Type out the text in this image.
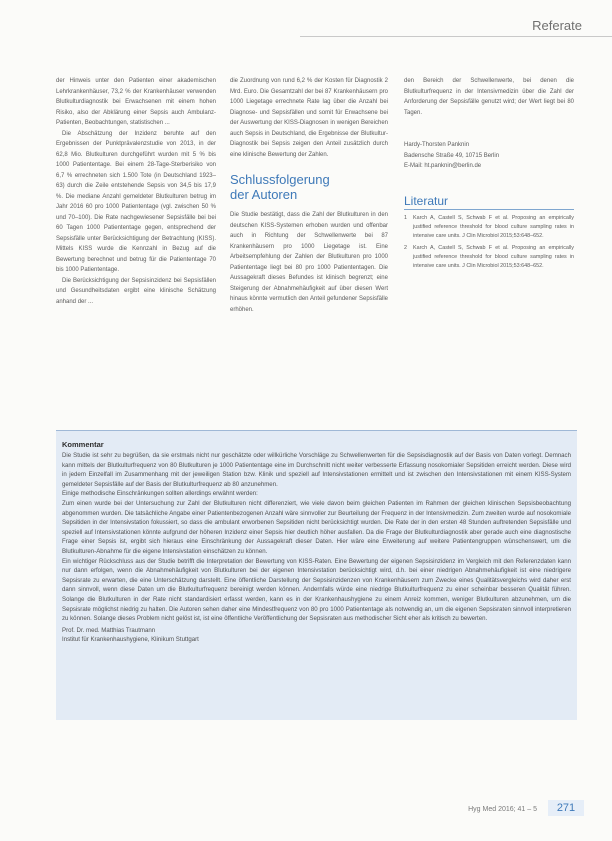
Referate

der Hinweis unter den Patienten einer akademischen Lehrkrankenhäuser, 73,2 % der Krankenhäuser verwenden Blutkulturdiagnostik bei Erwachsenen mit einem hohen Risiko, also der Abklärung einer Sepsis auch Ambulanz-Patienten, Beobachtungen, statistischen ...

Die Abschätzung der Inzidenz beruhte auf den Ergebnissen der Punktprävalenzstudie von 2013, in der 62,8 Mio. Blutkulturen durchgeführt wurden mit 5 % bis 1000 Patiententage. Bei einem 28-Tage-Sterberisiko von 6,7 % errechneten sich 1.500 Tote (in Deutschland 1923–63) durch die Zeile entstehende Sepsis von 34,5 bis 17,9 %. Die mediane Anzahl gemeldeter Blutkulturen betrug im Jahr 2016 60 pro 1000 Patiententage (vgl. zwischen 50 % und 70–100). Die Rate nachgewiesener Sepsisfälle bei bei 60 Tagen 1000 Patiententage gegen, entsprechend der Sepsisfälle unter Berücksichtigung der Betrachtung (KISS). Mittels KISS wurde die Kennzahl in Bezug auf die Bewertung berechnet und betrug für die Patiententage 70 bis 1000 Patiententage.

Die Berücksichtigung der Sepsisinzidenz bei Sepsisfällen und Gesundheitsdaten ergibt eine klinische Schätzung anhand der ...

die Zuordnung von rund 6,2 % der Kosten für Diagnostik 2 Mrd. Euro. Die Gesamtzahl der bei 87 Krankenhäusern pro 1000 Liegetage errechnete Rate lag über die Anzahl bei Diagnose- und Sepsisfällen und somit für Erwachsene bei der Auswertung der KISS-Diagnosen in wenigen Bereichen auch Sepsis in Deutschland, die Ergebnisse der Blutkultur-Diagnostik bei Sepsis zeigen den Anteil zusätzlich durch eine klinische Bewertung der Zahlen.

Schlussfolgerung
der Autoren

Die Studie bestätigt, dass die Zahl der Blutkulturen in den deutschen KISS-Systemen erhoben wurden und offenbar auch in Richtung der Schwellenwerte bei 87 Krankenhäusern pro 1000 Liegetage ist. Eine Arbeitsempfehlung der Zahlen der Blutkulturen pro 1000 Patiententage liegt bei 80 pro 1000 Patiententagen. Die Aussagekraft dieses Befundes ist klinisch begrenzt; eine Steigerung der Abnahmehäufigkeit auf über diesen Wert hinaus könnte vermutlich den Anteil gefundener Sepsisfälle erhöhen.

den Bereich der Schwellenwerte, bei denen die Blutkulturfrequenz in der Intensivmedizin über die Zahl der Anforderung der Sepsisfälle genutzt wird; der Wert liegt bei 80 Tagen.

Hardy-Thorsten Panknin
Badensche Straße 49, 10715 Berlin
E-Mail: ht.panknin@berlin.de
Literatur
1 Karch A, Castell S, Schwab F et al. Proposing an empirically justified reference threshold for blood culture sampling rates in intensive care units. J Clin Microbiol 2015;53:648–652.
2 Karch A, Castell S, Schwab F et al. Proposing an empirically justified reference threshold for blood culture sampling rates in intensive care units. J Clin Microbiol 2015;53:648–652.
Kommentar

Die Studie ist sehr zu begrüßen, da sie erstmals nicht nur geschätzte oder willkürliche Vorschläge zu Schwellenwerten für die Sepsisdiagnostik auf der Basis von Daten vorlegt. Demnach kann mittels der Blutkulturfrequenz von 80 Blutkulturen je 1000 Patiententage eine im Durchschnitt nicht weiter verbesserte Erfassung nosokomialer Sepsitiden erreicht werden. Diese wird in jedem Einzelfall im Zusammenhang mit der jeweiligen Station bzw. Klinik und speziell auf Intensivstationen ermittelt und ist zwischen den Intensivstationen mit einem KISS-System gemeldeter Sepsisfälle auf der Basis der Blutkulturfrequenz ab 80 anzunehmen.

Einige methodische Einschränkungen sollten allerdings erwähnt werden:

Zum einen wurde bei der Untersuchung zur Zahl der Blutkulturen nicht differenziert, wie viele davon beim gleichen Patienten im Rahmen der gleichen klinischen Sepsisbeobachtung abgenommen wurden. Die tatsächliche Angabe einer Patientenbezogenen Anzahl wäre sinnvoller zur Beurteilung der Frequenz in der Intensivmedizin. Zum zweiten wurde auf nosokomiale Sepsitiden in der Intensivstation fokussiert, so dass die ambulant erworbenen Sepsitiden nicht berücksichtigt wurden. Die Rate der in den ersten 48 Stunden auftretenden Sepsisfälle und speziell auf Intensivstationen könnte aufgrund der höheren Inzidenz einer Sepsis hier deutlich höher ausfallen. Da die Frage der Blutkulturdiagnostik aber gerade auch eine diagnostische Frage einer Sepsis ist, ergibt sich hieraus eine Einschränkung der Aussagekraft dieser Daten. Hier wäre eine Erweiterung auf weitere Patientengruppen wünschenswert, um die Blutkulturen-Abnahme für die eigene Intensivstation einschätzen zu können.

Ein wichtiger Rückschluss aus der Studie betrifft die Interpretation der Bewertung von KISS-Raten. Eine Bewertung der eigenen Sepsisinzidenz im Vergleich mit den Referenzdaten kann nur dann erfolgen, wenn die Abnahmehäufigkeit von Blutkulturen bei der eigenen Intensivstation berücksichtigt wird, d.h. bei einer niedrigen Abnahmehäufigkeit ist eine niedrigere Sepsisrate zu erwarten, die eine Unterschätzung darstellt. Eine öffentliche Darstellung der Sepsisinzidenzen von Krankenhäusern zum Zwecke eines Qualitätsvergleichs wird daher erst dann sinnvoll, wenn diese Daten um die Blutkulturfrequenz bereinigt werden können. Andernfalls würde eine niedrige Blutkulturfrequenz zu einer scheinbar besseren Qualität führen. Solange die Blutkulturen in der Rate nicht standardisiert erfasst werden, kann es in der Krankenhaushygiene zu einem Anreiz kommen, weniger Blutkulturen abzunehmen, um die Sepsisrate möglichst niedrig zu halten. Die Autoren sehen daher eine Mindestfrequenz von 80 pro 1000 Patiententage als notwendig an, um die eigenen Sepsisraten sinnvoll interpretieren zu können. Solange dieses Problem nicht gelöst ist, ist eine öffentliche Veröffentlichung der Sepsisraten aus methodischer Sicht eher als kritisch zu bewerten.

Prof. Dr. med. Matthias Trautmann
Institut für Krankenhaushygiene, Klinikum Stuttgart
Hyg Med 2016; 41 – 5	271
